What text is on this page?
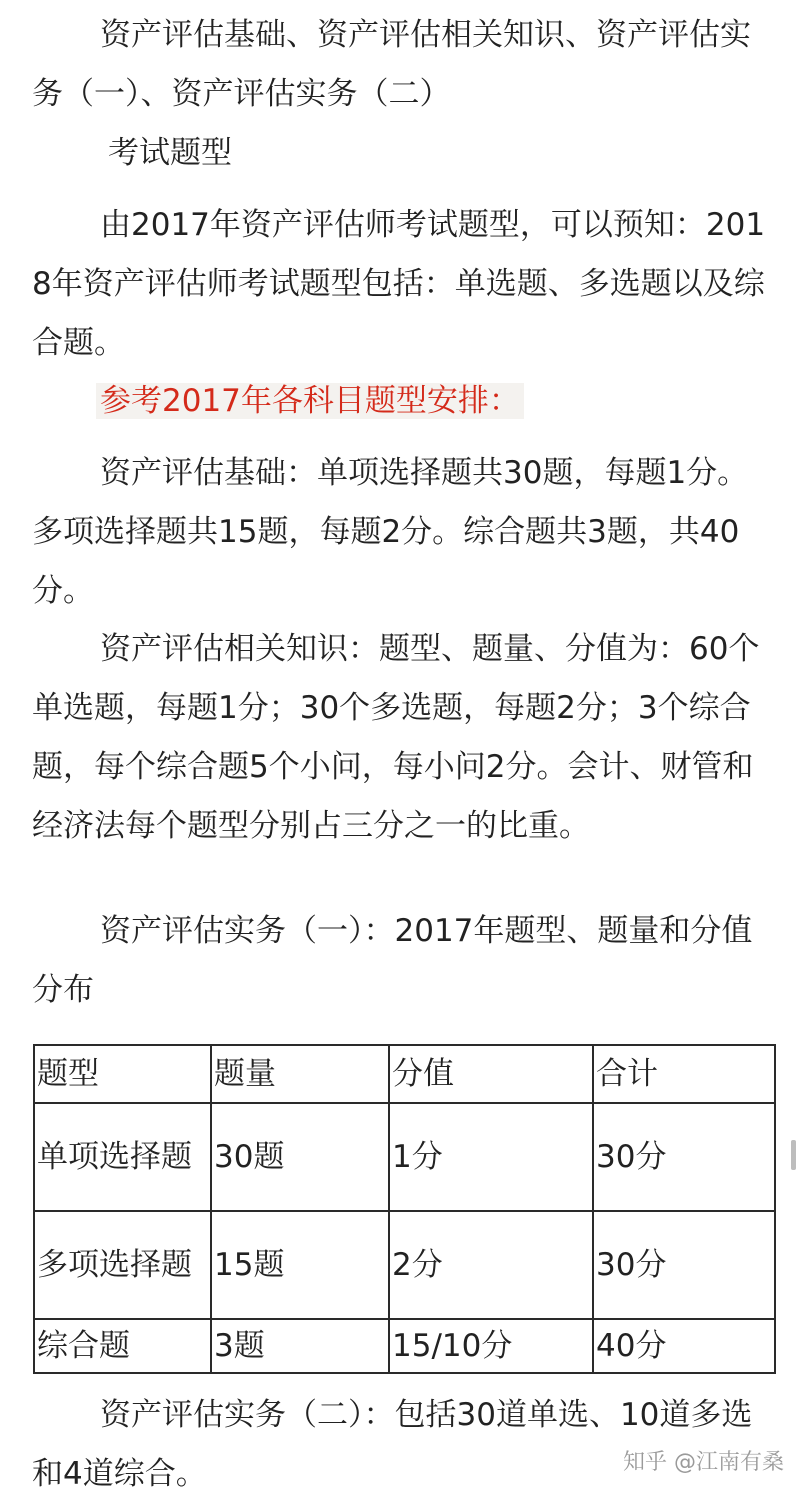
资产评估基础、资产评估相关知识、资产评估实务（一）、资产评估实务（二）

考试题型

由2017年资产评估师考试题型，可以预知：2018年资产评估师考试题型包括：单选题、多选题以及综合题。

参考2017年各科目题型安排：

资产评估基础：单项选择题共30题，每题1分。多项选择题共15题，每题2分。综合题共3题，共40分。

资产评估相关知识：题型、题量、分值为：60个单选题，每题1分；30个多选题，每题2分；3个综合题，每个综合题5个小问，每小问2分。会计、财管和经济法每个题型分别占三分之一的比重。

资产评估实务（一）：2017年题型、题量和分值分布

题型	题量	分值	合计
单项选择题	30题	1分	30分
多项选择题	15题	2分	30分
综合题	3题	15/10分	40分

资产评估实务（二）：包括30道单选、10道多选和4道综合。	知乎 @江南有桑
